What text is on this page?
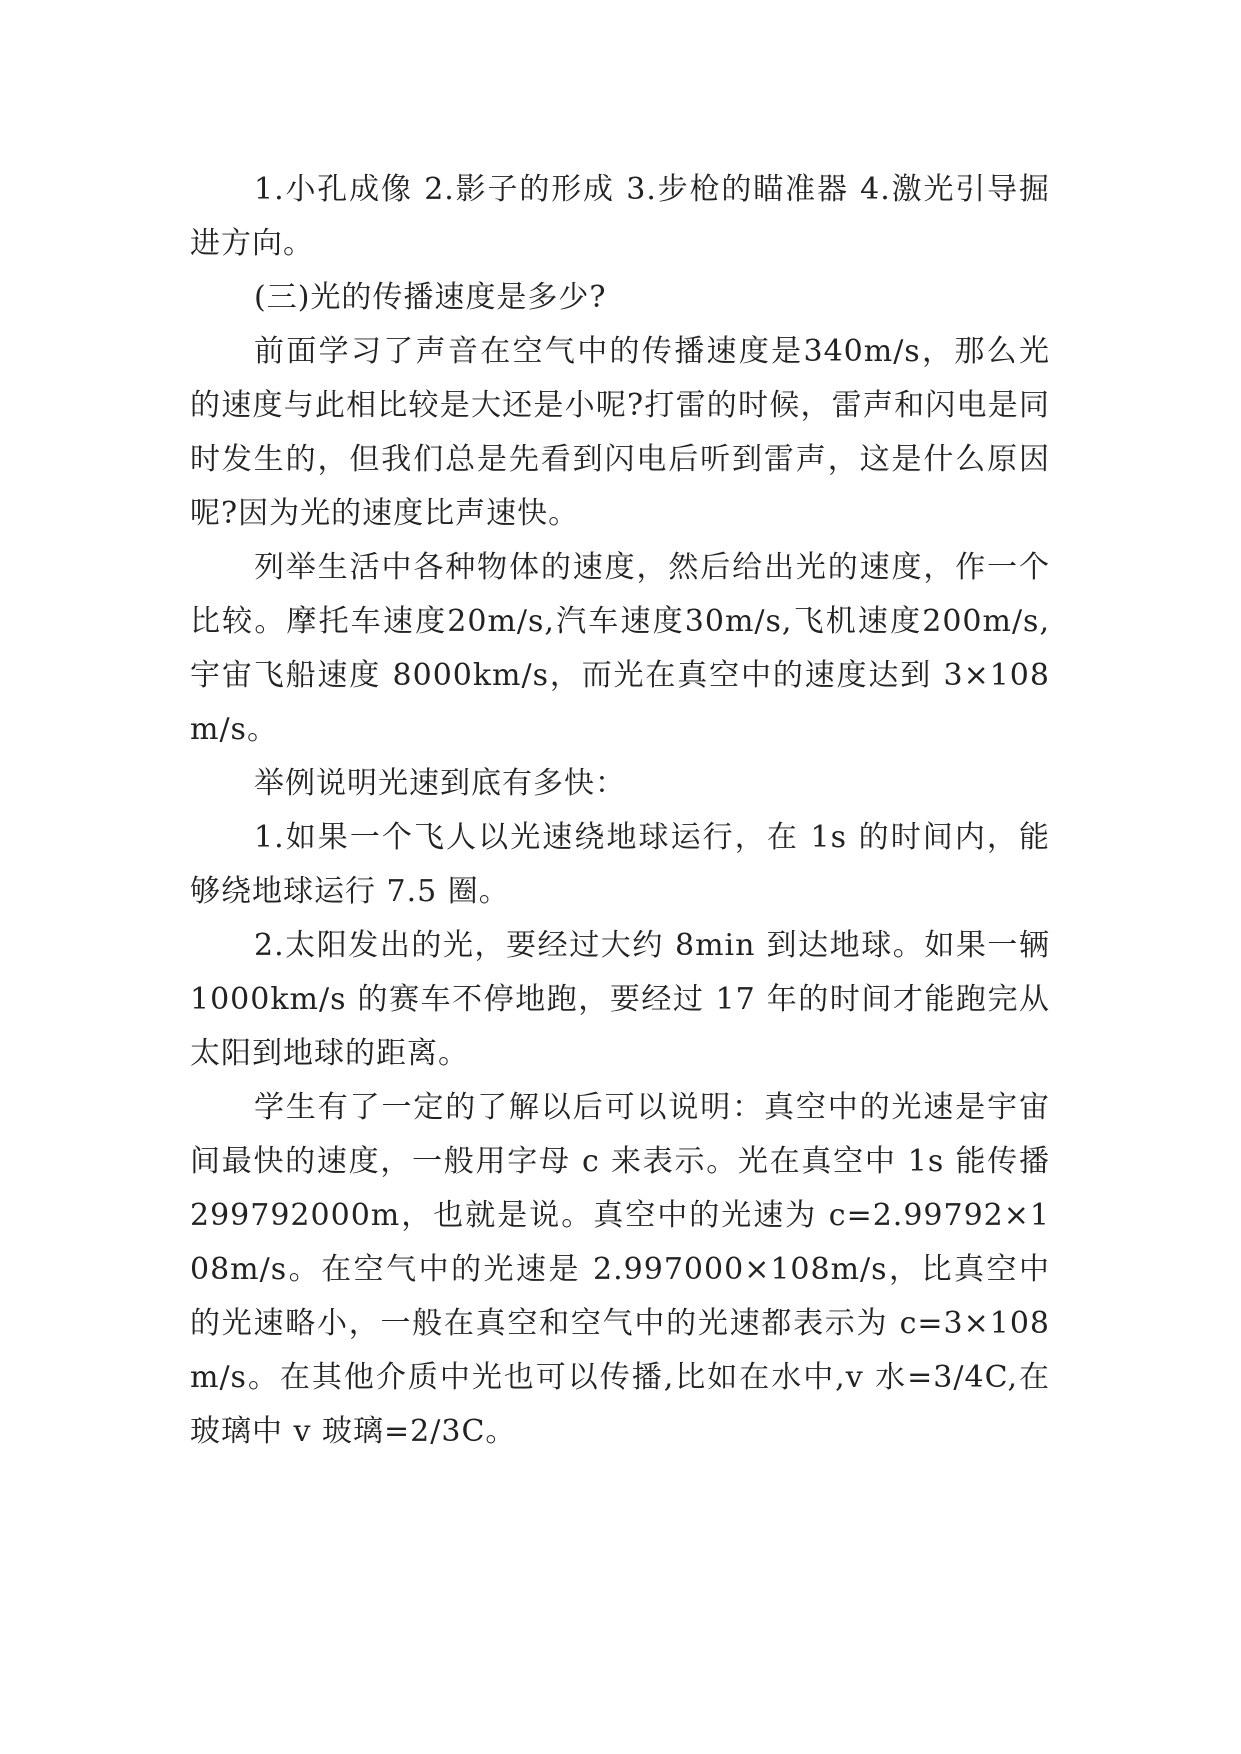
1.小孔成像 2.影子的形成 3.步枪的瞄准器 4.激光引导掘进方向。

(三)光的传播速度是多少?

前面学习了声音在空气中的传播速度是340m/s，那么光的速度与此相比较是大还是小呢?打雷的时候，雷声和闪电是同时发生的，但我们总是先看到闪电后听到雷声，这是什么原因呢?因为光的速度比声速快。

列举生活中各种物体的速度，然后给出光的速度，作一个比较。摩托车速度20m/s,汽车速度30m/s,飞机速度200m/s,宇宙飞船速度 8000km/s，而光在真空中的速度达到 3×108m/s。

举例说明光速到底有多快：

1.如果一个飞人以光速绕地球运行，在 1s 的时间内，能够绕地球运行 7.5 圈。

2.太阳发出的光，要经过大约 8min 到达地球。如果一辆 1000km/s 的赛车不停地跑，要经过 17 年的时间才能跑完从太阳到地球的距离。

学生有了一定的了解以后可以说明：真空中的光速是宇宙间最快的速度，一般用字母 c 来表示。光在真空中 1s 能传播 299792000m，也就是说。真空中的光速为 c=2.99792×108m/s。在空气中的光速是 2.997000×108m/s，比真空中的光速略小，一般在真空和空气中的光速都表示为 c=3×108m/s。在其他介质中光也可以传播,比如在水中,v 水=3/4C,在玻璃中 v 玻璃=2/3C。
